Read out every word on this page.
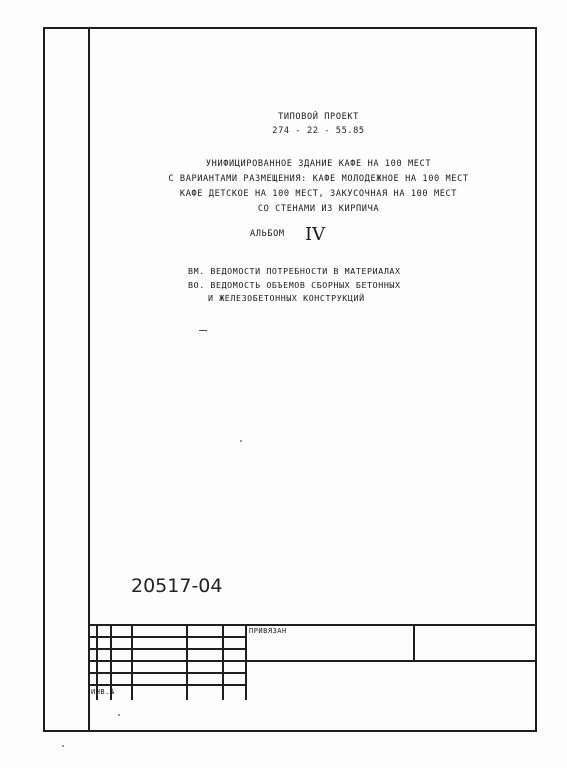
ТИПОВОЙ ПРОЕКТ
274 - 22 - 55.85
УНИФИЦИРОВАННОЕ ЗДАНИЕ КАФЕ НА 100 МЕСТ
С ВАРИАНТАМИ РАЗМЕЩЕНИЯ: КАФЕ МОЛОДЕЖНОЕ НА 100 МЕСТ
КАФЕ ДЕТСКОЕ НА 100 МЕСТ, ЗАКУСОЧНАЯ НА 100 МЕСТ
СО СТЕНАМИ ИЗ КИРПИЧА
АЛЬБОМ IV
ВМ. ВЕДОМОСТИ ПОТРЕБНОСТИ В МАТЕРИАЛАХ
ВО. ВЕДОМОСТЬ ОБЪЕМОВ СБОРНЫХ БЕТОННЫХ
И ЖЕЛЕЗОБЕТОННЫХ КОНСТРУКЦИЙ
20517-04
ПРИВЯЗАН
ИНВ.№
